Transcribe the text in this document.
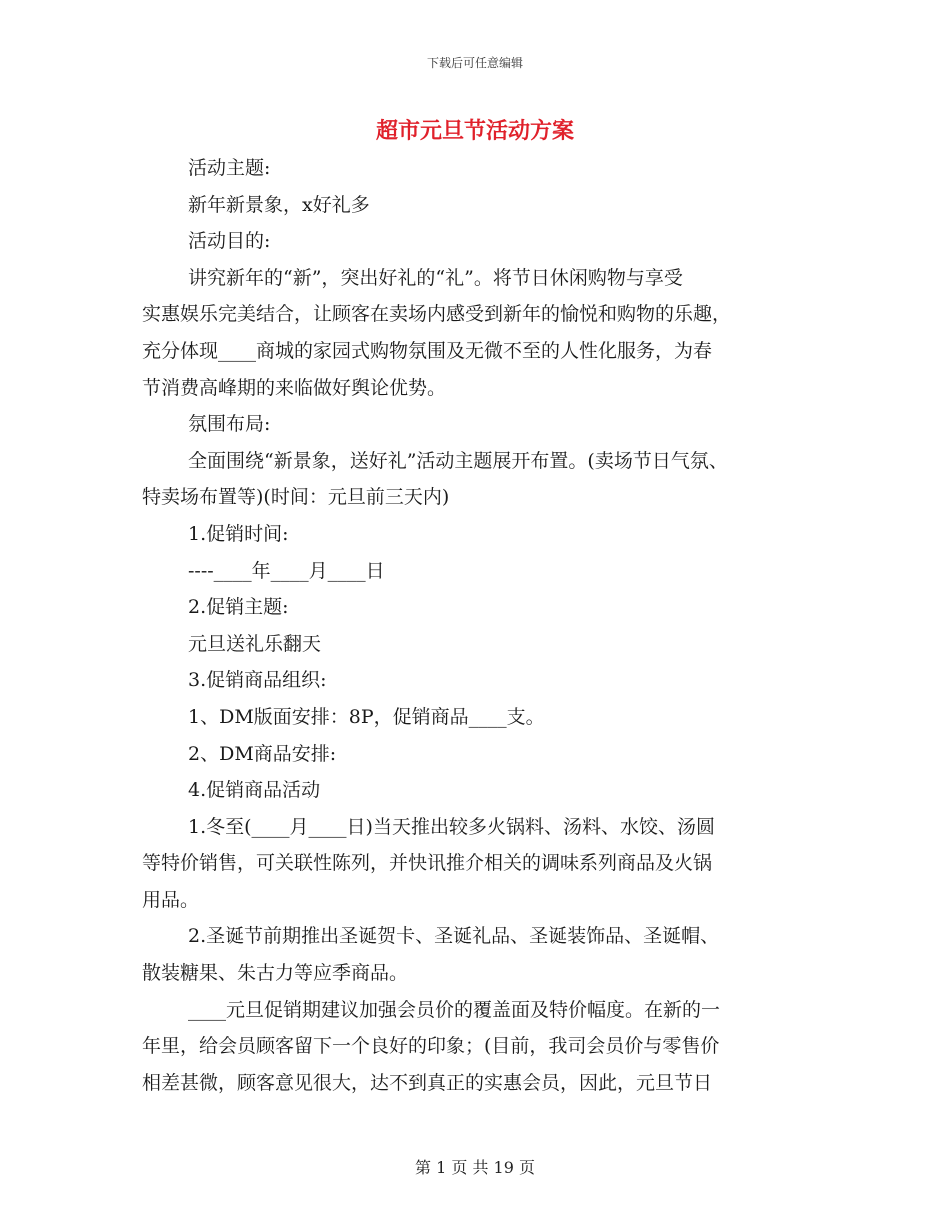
下载后可任意编辑
超市元旦节活动方案

活动主题:

新年新景象，x好礼多

活动目的:

讲究新年的“新”，突出好礼的“礼”。将节日休闲购物与享受

实惠娱乐完美结合，让顾客在卖场内感受到新年的愉悦和购物的乐趣，

充分体现____商城的家园式购物氛围及无微不至的人性化服务，为春

节消费高峰期的来临做好舆论优势。

氛围布局:

全面围绕“新景象，送好礼”活动主题展开布置。(卖场节日气氛、

特卖场布置等)(时间：元旦前三天内)

1.促销时间:

----____年____月____日

2.促销主题:

元旦送礼乐翻天

3.促销商品组织:

1、DM版面安排：8P，促销商品____支。

2、DM商品安排:

4.促销商品活动

1.冬至(____月____日)当天推出较多火锅料、汤料、水饺、汤圆

等特价销售，可关联性陈列，并快讯推介相关的调味系列商品及火锅

用品。

2.圣诞节前期推出圣诞贺卡、圣诞礼品、圣诞装饰品、圣诞帽、

散装糖果、朱古力等应季商品。

____元旦促销期建议加强会员价的覆盖面及特价幅度。在新的一

年里，给会员顾客留下一个良好的印象；(目前，我司会员价与零售价

相差甚微，顾客意见很大，达不到真正的实惠会员，因此，元旦节日

第 1 页 共 19 页
